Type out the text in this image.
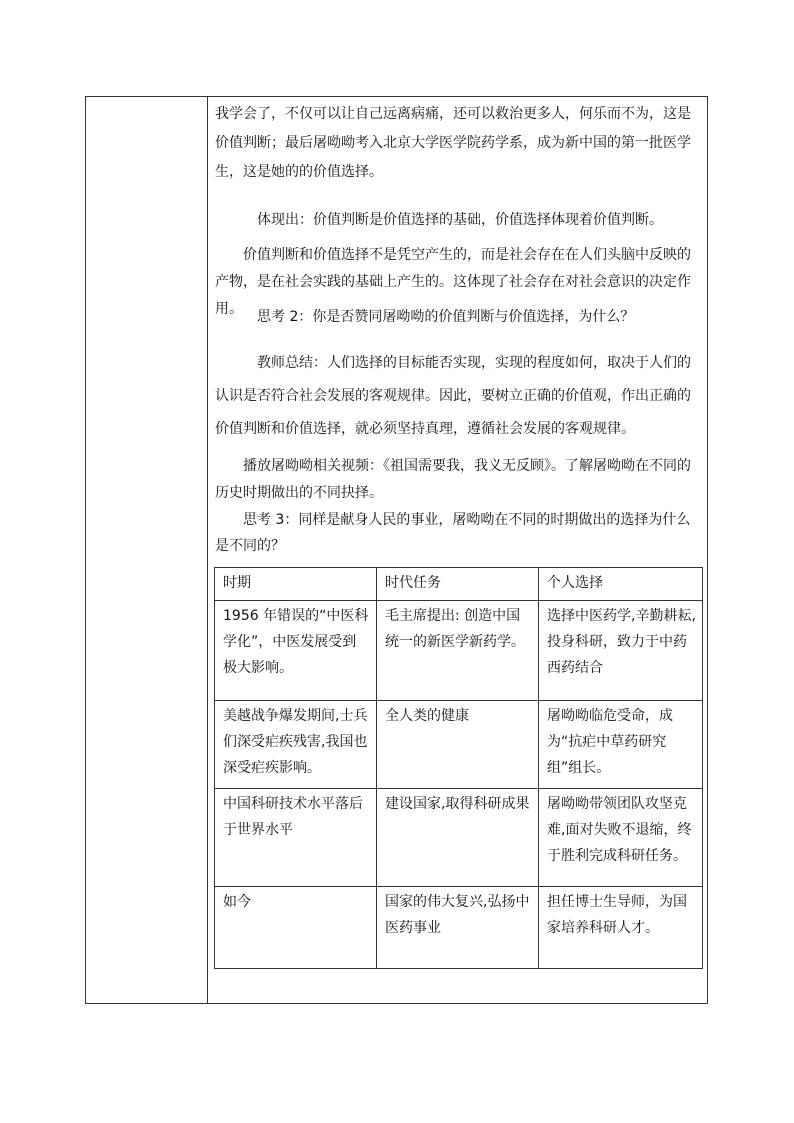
我学会了，不仅可以让自己远离病痛，还可以救治更多人，何乐而不为，这是价值判断；最后屠呦呦考入北京大学医学院药学系，成为新中国的第一批医学生，这是她的的价值选择。

体现出：价值判断是价值选择的基础，价值选择体现着价值判断。

价值判断和价值选择不是凭空产生的，而是社会存在在人们头脑中反映的产物，是在社会实践的基础上产生的。这体现了社会存在对社会意识的决定作用。	思考 2：你是否赞同屠呦呦的价值判断与价值选择，为什么？

教师总结：人们选择的目标能否实现，实现的程度如何，取决于人们的认识是否符合社会发展的客观规律。因此，要树立正确的价值观，作出正确的价值判断和价值选择，就必须坚持真理，遵循社会发展的客观规律。

播放屠呦呦相关视频：《祖国需要我，我义无反顾》。了解屠呦呦在不同的历史时期做出的不同抉择。

思考 3：同样是献身人民的事业，屠呦呦在不同的时期做出的选择为什么是不同的？

时期	时代任务	个人选择
1956 年错误的“中医科学化”，中医发展受到极大影响。	毛主席提出: 创造中国统一的新医学新药学。	选择中医药学,辛勤耕耘,投身科研，致力于中药西药结合
美越战争爆发期间,士兵们深受疟疾残害,我国也深受疟疾影响。	全人类的健康	屠呦呦临危受命，成为“抗疟中草药研究组”组长。
中国科研技术水平落后于世界水平	建设国家,取得科研成果	屠呦呦带领团队攻坚克难,面对失败不退缩，终于胜利完成科研任务。
如今	国家的伟大复兴,弘扬中医药事业	担任博士生导师，为国家培养科研人才。
